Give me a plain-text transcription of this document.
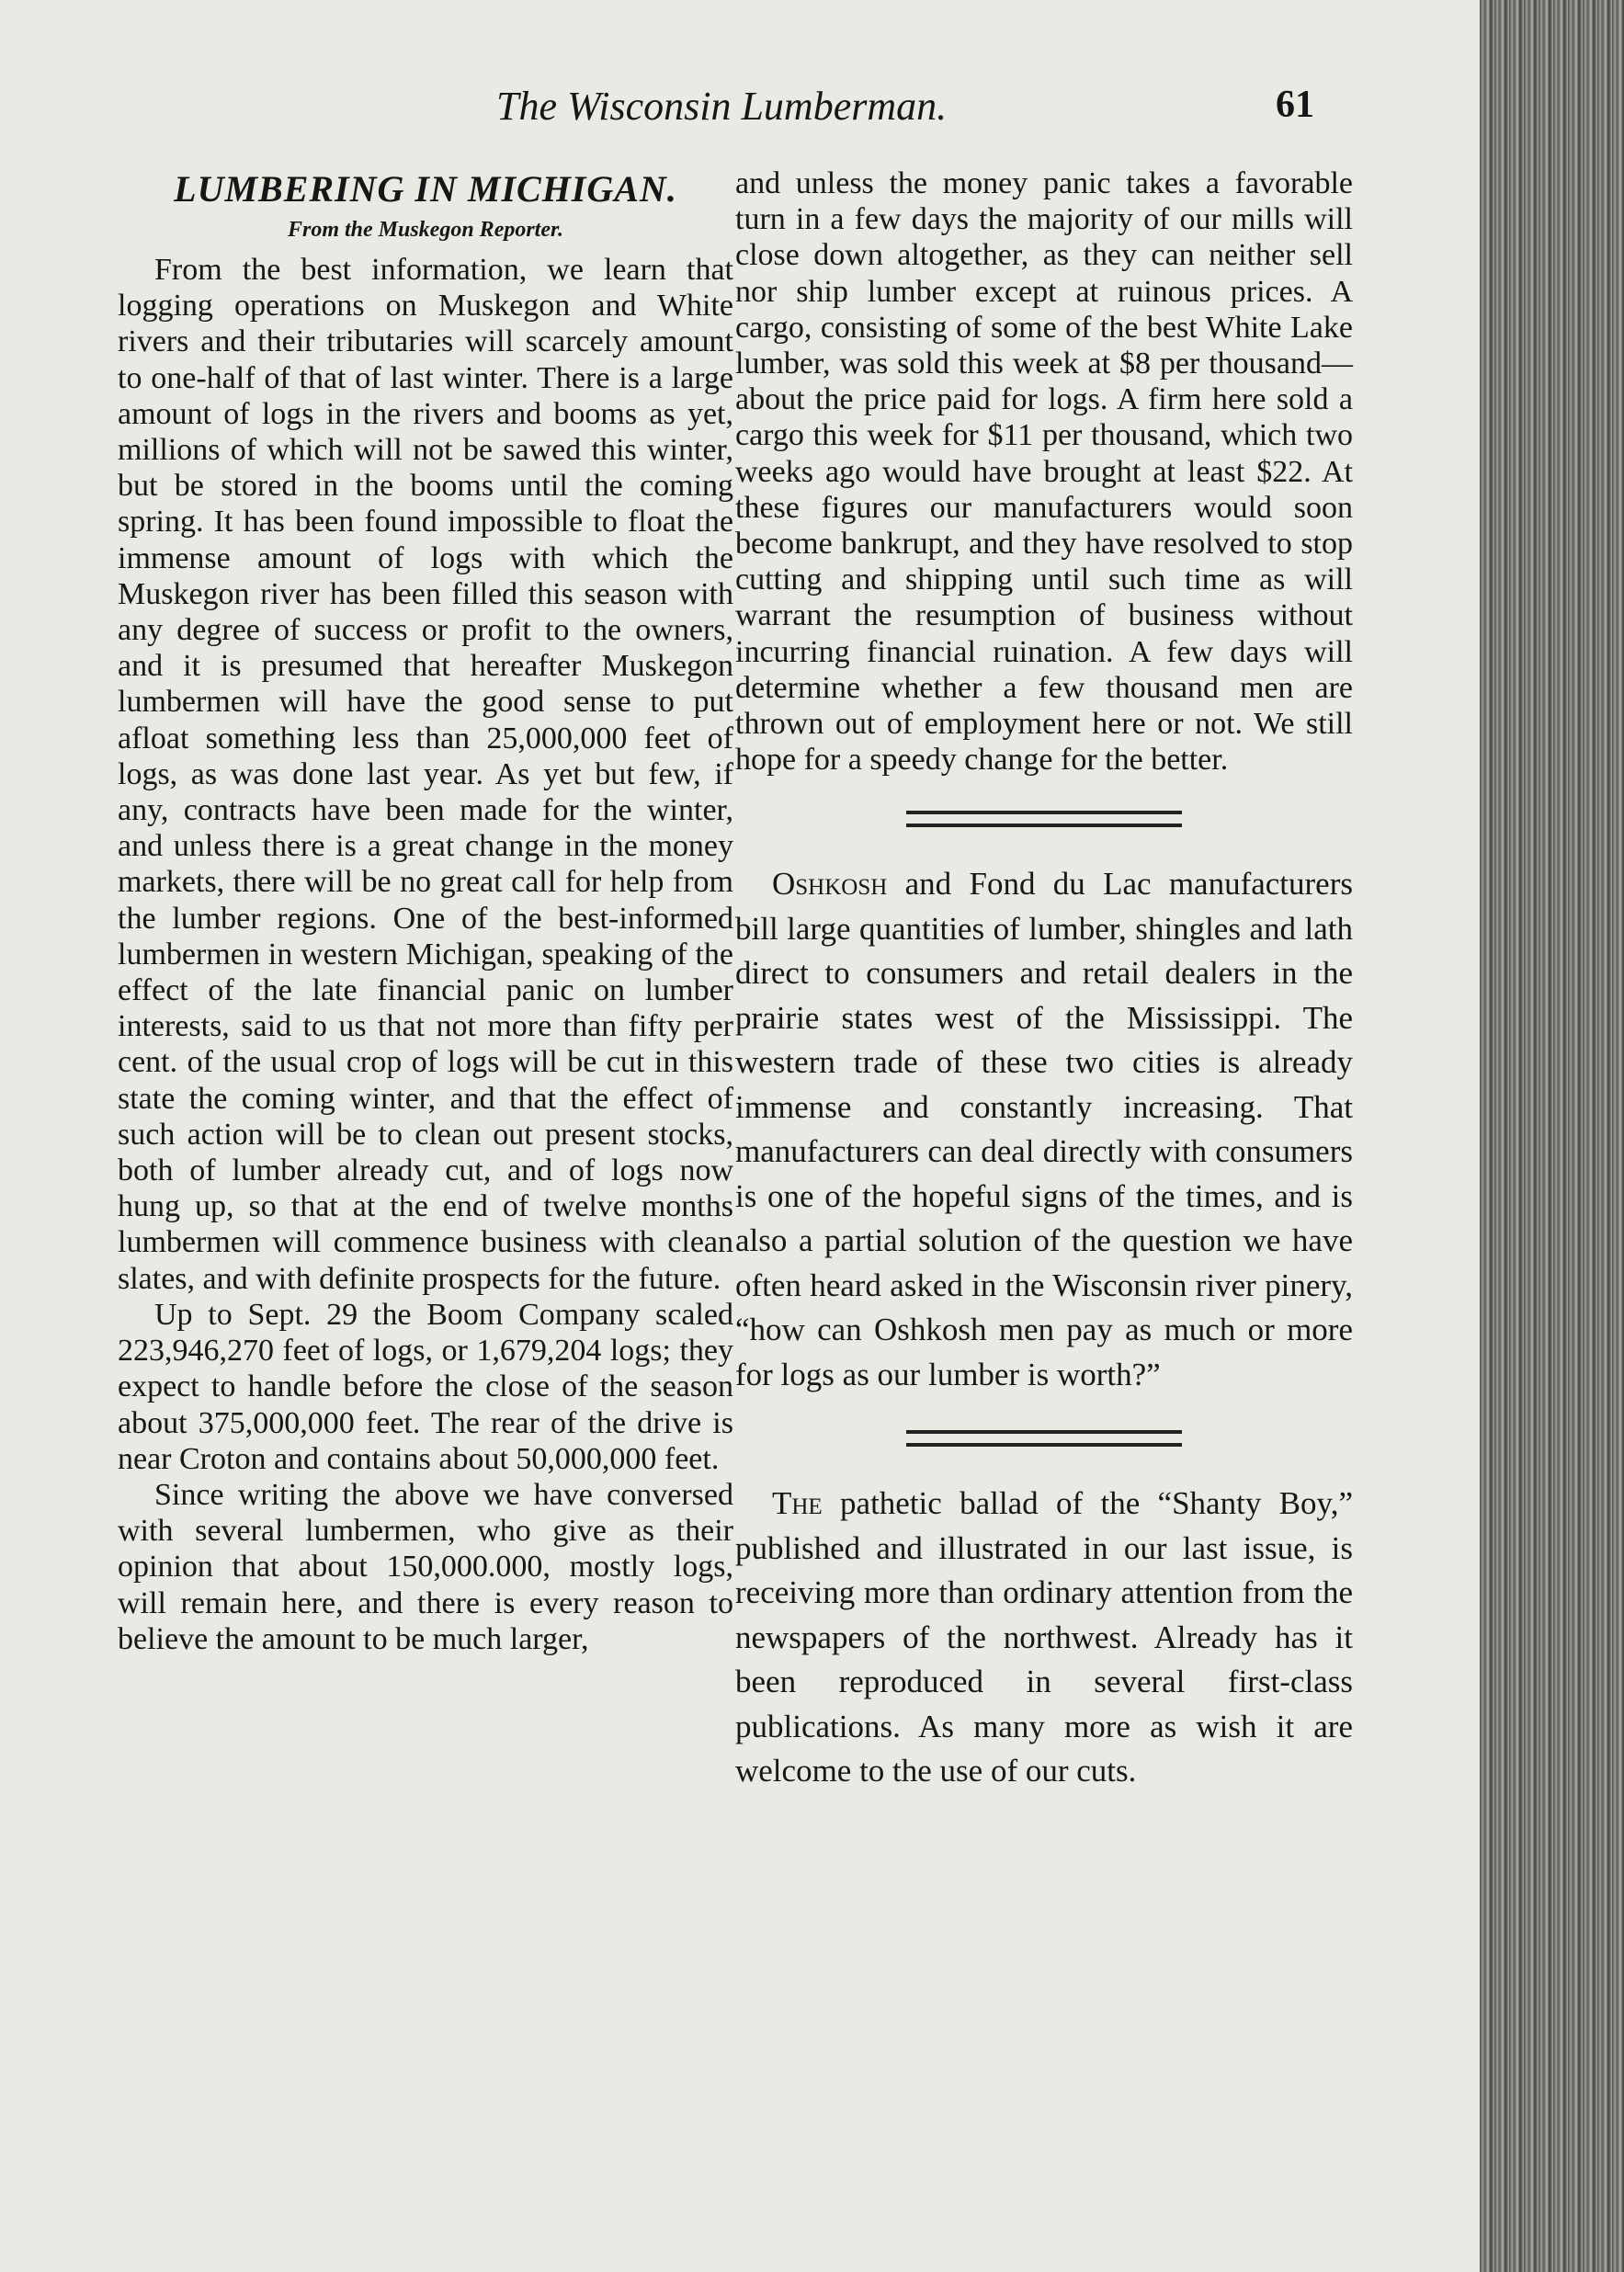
The Wisconsin Lumberman.	61
LUMBERING IN MICHIGAN.
From the Muskegon Reporter.

From the best information, we learn that logging operations on Muskegon and White rivers and their tributaries will scarcely amount to one-half of that of last winter. There is a large amount of logs in the rivers and booms as yet, millions of which will not be sawed this winter, but be stored in the booms until the coming spring. It has been found impossible to float the immense amount of logs with which the Muskegon river has been filled this season with any degree of success or profit to the owners, and it is presumed that hereafter Muskegon lumbermen will have the good sense to put afloat something less than 25,000,000 feet of logs, as was done last year. As yet but few, if any, contracts have been made for the winter, and unless there is a great change in the money markets, there will be no great call for help from the lumber regions. One of the best-informed lumbermen in western Michigan, speaking of the effect of the late financial panic on lumber interests, said to us that not more than fifty per cent. of the usual crop of logs will be cut in this state the coming winter, and that the effect of such action will be to clean out present stocks, both of lumber already cut, and of logs now hung up, so that at the end of twelve months lumbermen will commence business with clean slates, and with definite prospects for the future.

Up to Sept. 29 the Boom Company scaled 223,946,270 feet of logs, or 1,679,204 logs; they expect to handle before the close of the season about 375,000,000 feet. The rear of the drive is near Croton and contains about 50,000,000 feet.

Since writing the above we have conversed with several lumbermen, who give as their opinion that about 150,000.000, mostly logs, will remain here, and there is every reason to believe the amount to be much larger,

and unless the money panic takes a favorable turn in a few days the majority of our mills will close down altogether, as they can neither sell nor ship lumber except at ruinous prices. A cargo, consisting of some of the best White Lake lumber, was sold this week at $8 per thousand—about the price paid for logs. A firm here sold a cargo this week for $11 per thousand, which two weeks ago would have brought at least $22. At these figures our manufacturers would soon become bankrupt, and they have resolved to stop cutting and shipping until such time as will warrant the resumption of business without incurring financial ruination. A few days will determine whether a few thousand men are thrown out of employment here or not. We still hope for a speedy change for the better.

Oshkosh and Fond du Lac manufacturers bill large quantities of lumber, shingles and lath direct to consumers and retail dealers in the prairie states west of the Mississippi. The western trade of these two cities is already immense and constantly increasing. That manufacturers can deal directly with consumers is one of the hopeful signs of the times, and is also a partial solution of the question we have often heard asked in the Wisconsin river pinery, “how can Oshkosh men pay as much or more for logs as our lumber is worth?”

The pathetic ballad of the “Shanty Boy,” published and illustrated in our last issue, is receiving more than ordinary attention from the newspapers of the northwest. Already has it been reproduced in several first-class publications. As many more as wish it are welcome to the use of our cuts.
